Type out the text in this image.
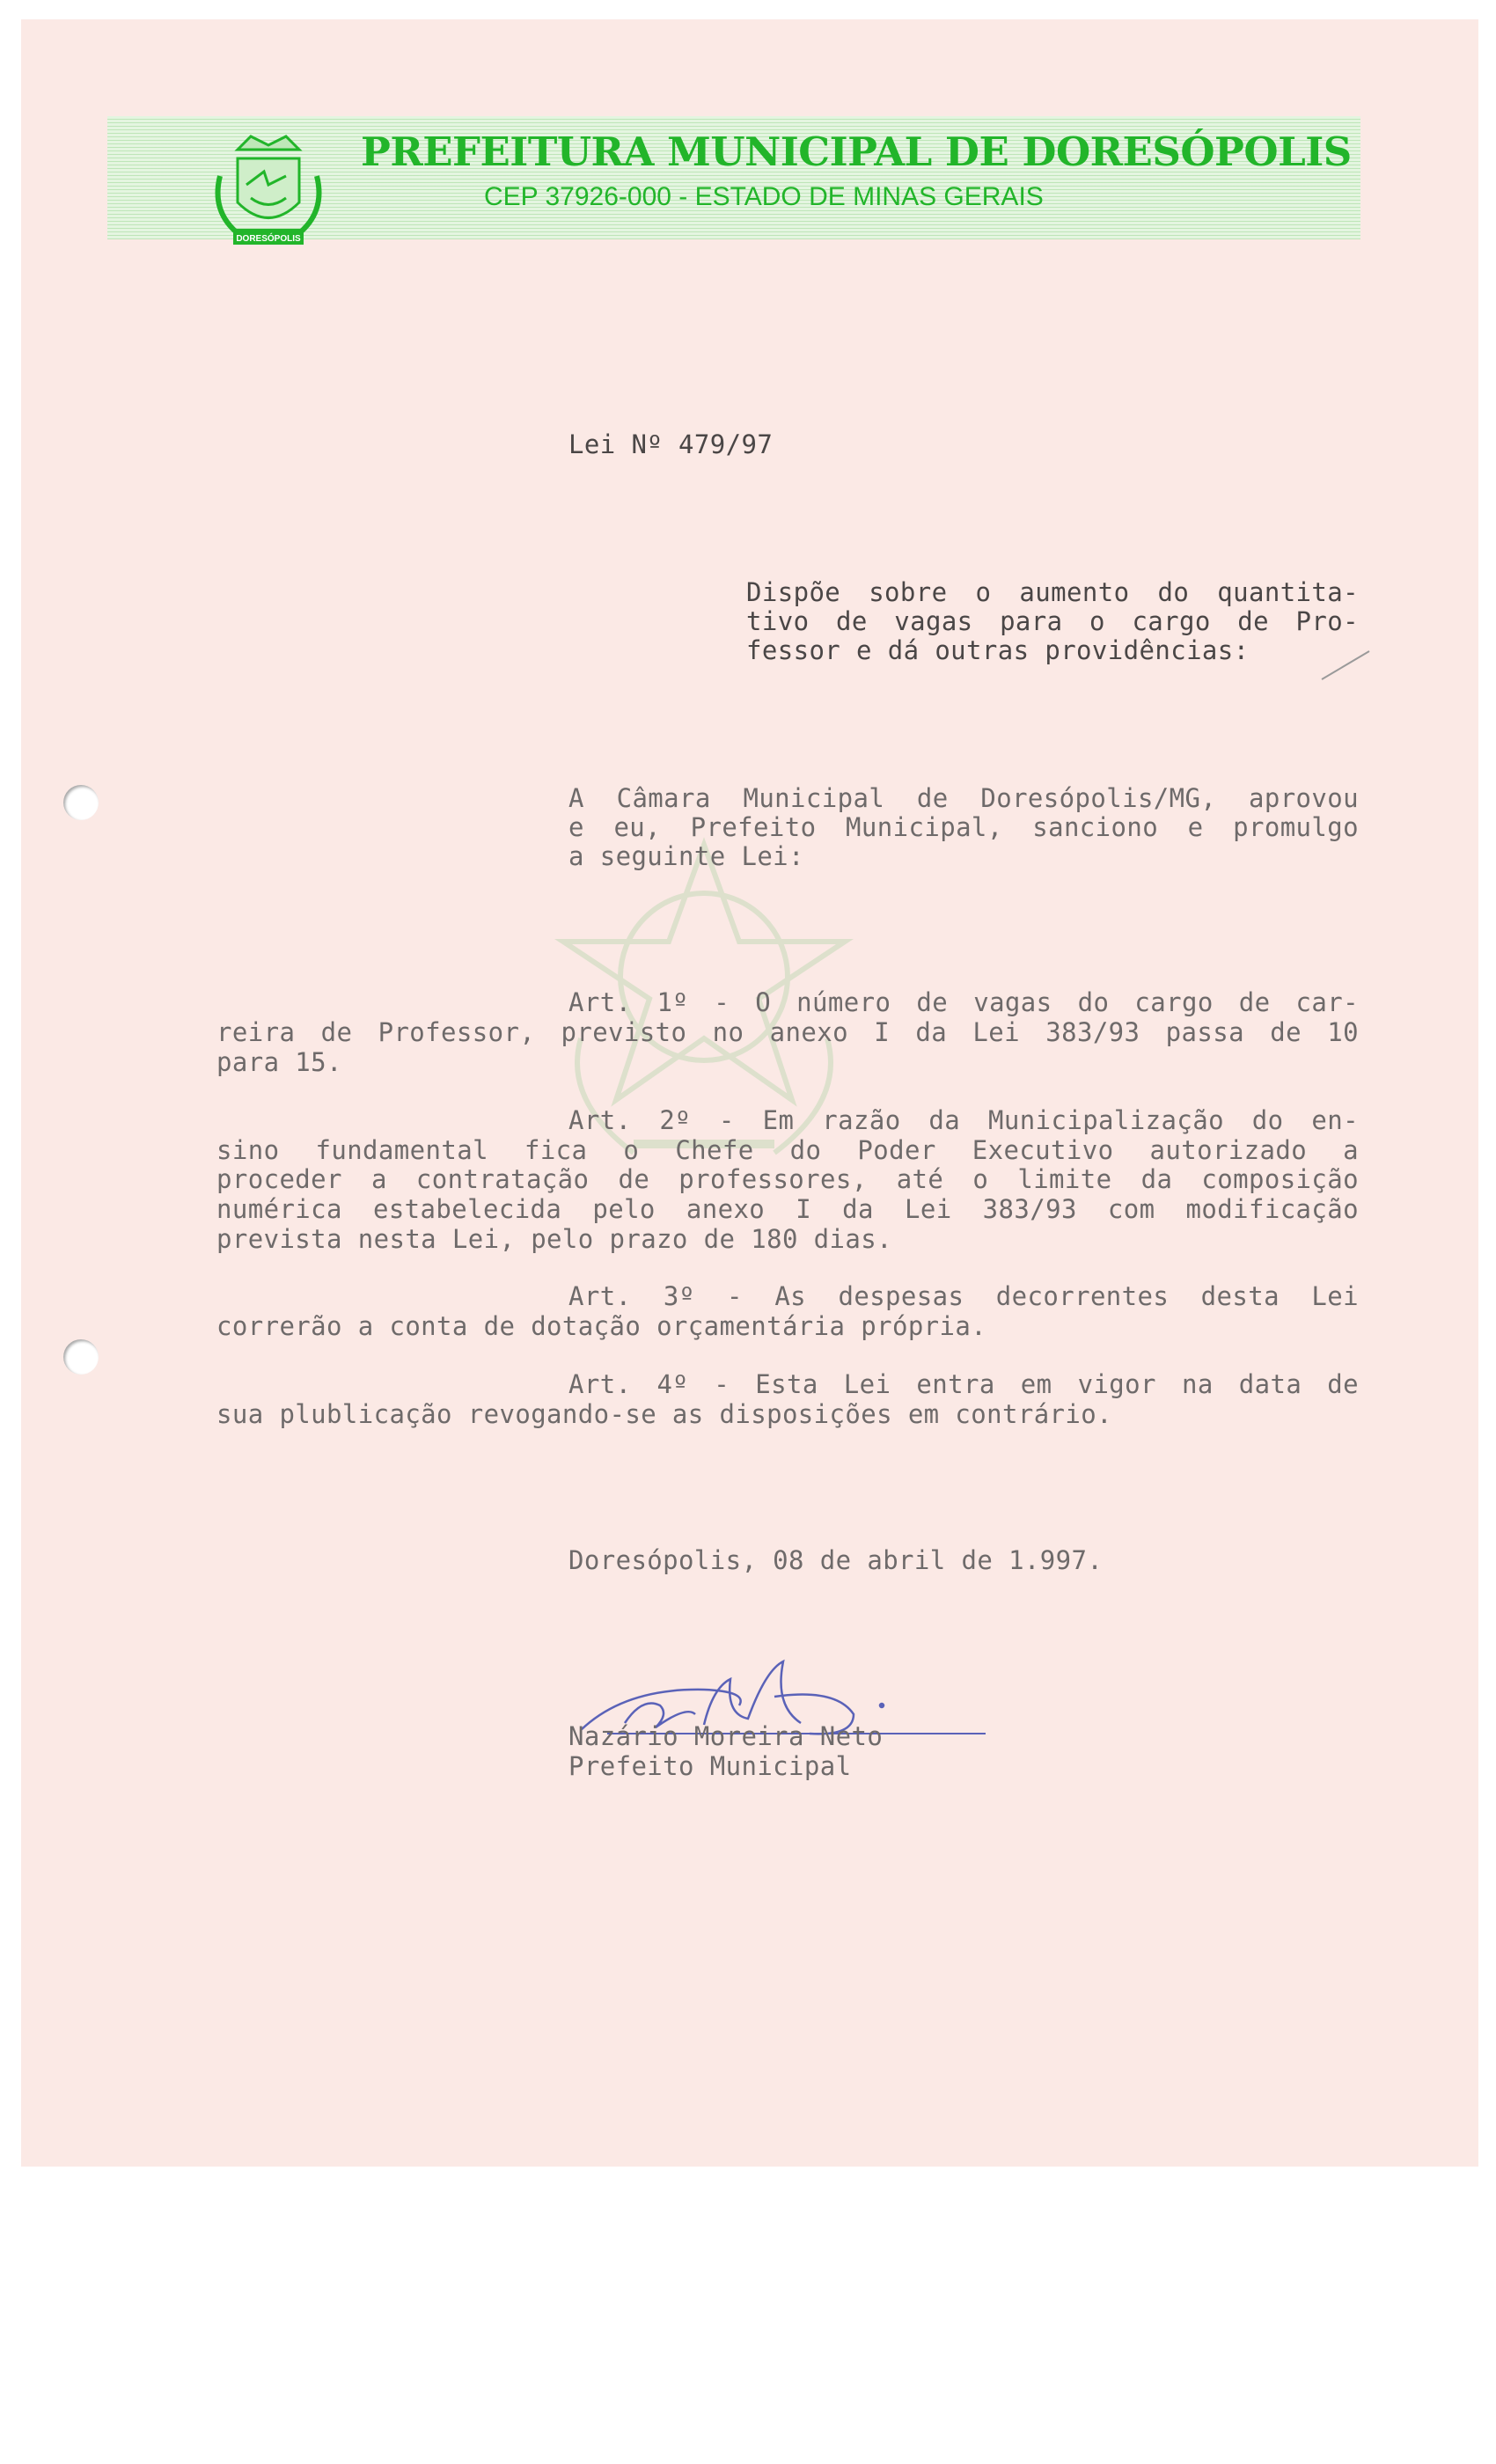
DORESÓPOLIS
PREFEITURA MUNICIPAL DE DORESÓPOLIS
CEP 37926-000 - ESTADO DE MINAS GERAIS
Lei Nº 479/97
Dispõe sobre o aumento do quantita-
tivo de vagas para o cargo de Pro-
fessor e dá outras providências:
A Câmara Municipal de Doresópolis/MG, aprovou
e eu, Prefeito Municipal, sanciono e promulgo
a seguinte Lei:
Art. 1º - O número de vagas do cargo de car-
reira de Professor, previsto no anexo I da Lei 383/93 passa de 10
para 15.
Art. 2º - Em razão da Municipalização do en-
sino fundamental fica o Chefe do Poder Executivo autorizado a
proceder a contratação de professores, até o limite da composição
numérica estabelecida pelo anexo I da Lei 383/93 com modificação
prevista nesta Lei, pelo prazo de 180 dias.
Art. 3º - As despesas decorrentes desta Lei
correrão a conta de dotação orçamentária própria.
Art. 4º - Esta Lei entra em vigor na data de
sua plublicação revogando-se as disposições em contrário.
Doresópolis, 08 de abril de 1.997.
Nazário Moreira Neto
Prefeito Municipal
